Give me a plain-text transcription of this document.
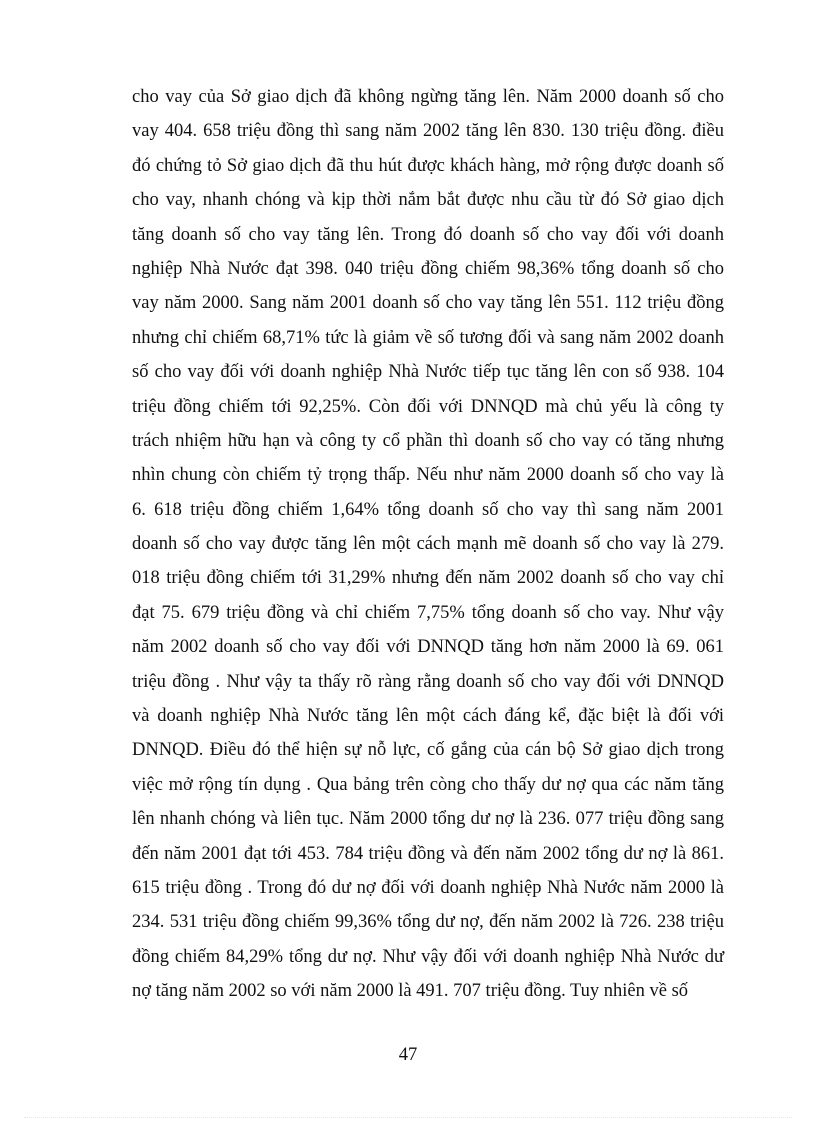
cho vay của Sở giao dịch đã không ngừng tăng lên. Năm 2000 doanh số cho
vay 404. 658 triệu đồng thì sang năm 2002 tăng lên 830. 130 triệu đồng. điều
đó chứng tỏ Sở giao dịch đã thu hút được khách hàng, mở rộng được doanh số
cho vay, nhanh chóng và kịp thời nắm bắt được nhu cầu từ đó Sở giao dịch
tăng doanh số cho vay tăng lên. Trong đó doanh số cho vay đối với doanh
nghiệp Nhà Nước đạt 398. 040 triệu đồng chiếm 98,36% tổng doanh số cho
vay năm 2000. Sang năm 2001 doanh số cho vay tăng lên 551. 112 triệu đồng
nhưng chỉ chiếm 68,71% tức là giảm về số tương đối và sang năm 2002 doanh
số cho vay đối với doanh nghiệp Nhà Nước tiếp tục tăng lên con số 938. 104
triệu đồng chiếm tới 92,25%. Còn đối với DNNQD mà chủ yếu là công ty
trách nhiệm hữu hạn và công ty cổ phần thì doanh số cho vay có tăng nhưng
nhìn chung còn chiếm tỷ trọng thấp. Nếu như năm 2000 doanh số cho vay là
6. 618 triệu đồng chiếm 1,64% tổng doanh số cho vay thì sang năm 2001
doanh số cho vay được tăng lên một cách mạnh mẽ doanh số cho vay là 279.
018 triệu đồng chiếm tới 31,29% nhưng đến năm 2002 doanh số cho vay chỉ
đạt 75. 679 triệu đồng và chỉ chiếm 7,75% tổng doanh số cho vay. Như vậy
năm 2002 doanh số cho vay đối với DNNQD tăng hơn năm 2000 là 69. 061
triệu đồng . Như vậy ta thấy rõ ràng rằng doanh số cho vay đối với DNNQD
và doanh nghiệp Nhà Nước tăng lên một cách đáng kể, đặc biệt là đối với
DNNQD. Điều đó thể hiện sự nỗ lực, cố gắng của cán bộ Sở giao dịch trong
việc mở rộng tín dụng . Qua bảng trên còng cho thấy dư nợ qua các năm tăng
lên nhanh chóng và liên tục. Năm 2000 tổng dư nợ là 236. 077 triệu đồng sang
đến năm 2001 đạt tới 453. 784 triệu đồng và đến năm 2002 tổng dư nợ là 861.
615 triệu đồng . Trong đó dư nợ đối với doanh nghiệp Nhà Nước năm 2000 là
234. 531 triệu đồng chiếm 99,36% tổng dư nợ, đến năm 2002 là 726. 238 triệu
đồng chiếm 84,29% tổng dư nợ. Như vậy đối với doanh nghiệp Nhà Nước dư
nợ tăng năm 2002 so với năm 2000 là 491. 707 triệu đồng. Tuy nhiên về số
47
